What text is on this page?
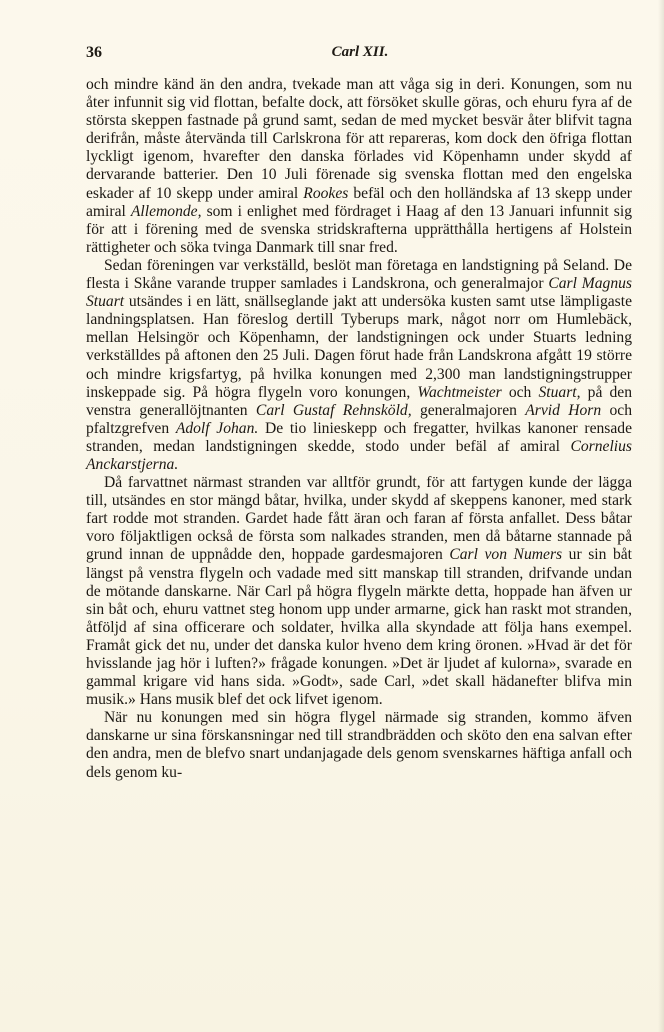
36	Carl XII.

och mindre känd än den andra, tvekade man att våga sig in deri. Konungen, som nu åter infunnit sig vid flottan, befalte dock, att försöket skulle göras, och ehuru fyra af de största skeppen fastnade på grund samt, sedan de med mycket besvär åter blifvit tagna derifrån, måste återvända till Carlskrona för att repareras, kom dock den öfriga flottan lyckligt igenom, hvarefter den danska förlades vid Köpenhamn under skydd af dervarande batterier. Den 10 Juli förenade sig svenska flottan med den engelska eskader af 10 skepp under amiral Rookes befäl och den holländska af 13 skepp under amiral Allemonde, som i enlighet med fördraget i Haag af den 13 Januari infunnit sig för att i förening med de svenska stridskrafterna upprätthålla hertigens af Holstein rättigheter och söka tvinga Danmark till snar fred.

Sedan föreningen var verkställd, beslöt man företaga en landstigning på Seland. De flesta i Skåne varande trupper samlades i Landskrona, och generalmajor Carl Magnus Stuart utsändes i en lätt, snällseglande jakt att undersöka kusten samt utse lämpligaste landningsplatsen. Han föreslog dertill Tyberups mark, något norr om Humlebäck, mellan Helsingör och Köpenhamn, der landstigningen ock under Stuarts ledning verkställdes på aftonen den 25 Juli. Dagen förut hade från Landskrona afgått 19 större och mindre krigsfartyg, på hvilka konungen med 2,300 man landstigningstrupper inskeppade sig. På högra flygeln voro konungen, Wachtmeister och Stuart, på den venstra generallöjtnanten Carl Gustaf Rehnsköld, generalmajoren Arvid Horn och pfaltzgrefven Adolf Johan. De tio linieskepp och fregatter, hvilkas kanoner rensade stranden, medan landstigningen skedde, stodo under befäl af amiral Cornelius Anckarstjerna.

Då farvattnet närmast stranden var alltför grundt, för att fartygen kunde der lägga till, utsändes en stor mängd båtar, hvilka, under skydd af skeppens kanoner, med stark fart rodde mot stranden. Gardet hade fått äran och faran af första anfallet. Dess båtar voro följaktligen också de första som nalkades stranden, men då båtarne stannade på grund innan de uppnådde den, hoppade gardesmajoren Carl von Numers ur sin båt längst på venstra flygeln och vadade med sitt manskap till stranden, drifvande undan de mötande danskarne. När Carl på högra flygeln märkte detta, hoppade han äfven ur sin båt och, ehuru vattnet steg honom upp under armarne, gick han raskt mot stranden, åtföljd af sina officerare och soldater, hvilka alla skyndade att följa hans exempel. Framåt gick det nu, under det danska kulor hveno dem kring öronen. »Hvad är det för hvisslande jag hör i luften?» frågade konungen. »Det är ljudet af kulorna», svarade en gammal krigare vid hans sida. »Godt», sade Carl, »det skall hädanefter blifva min musik.» Hans musik blef det ock lifvet igenom.

När nu konungen med sin högra flygel närmade sig stranden, kommo äfven danskarne ur sina förskansningar ned till strandbrädden och sköto den ena salvan efter den andra, men de blefvo snart undanjagade dels genom svenskarnes häftiga anfall och dels genom ku-
